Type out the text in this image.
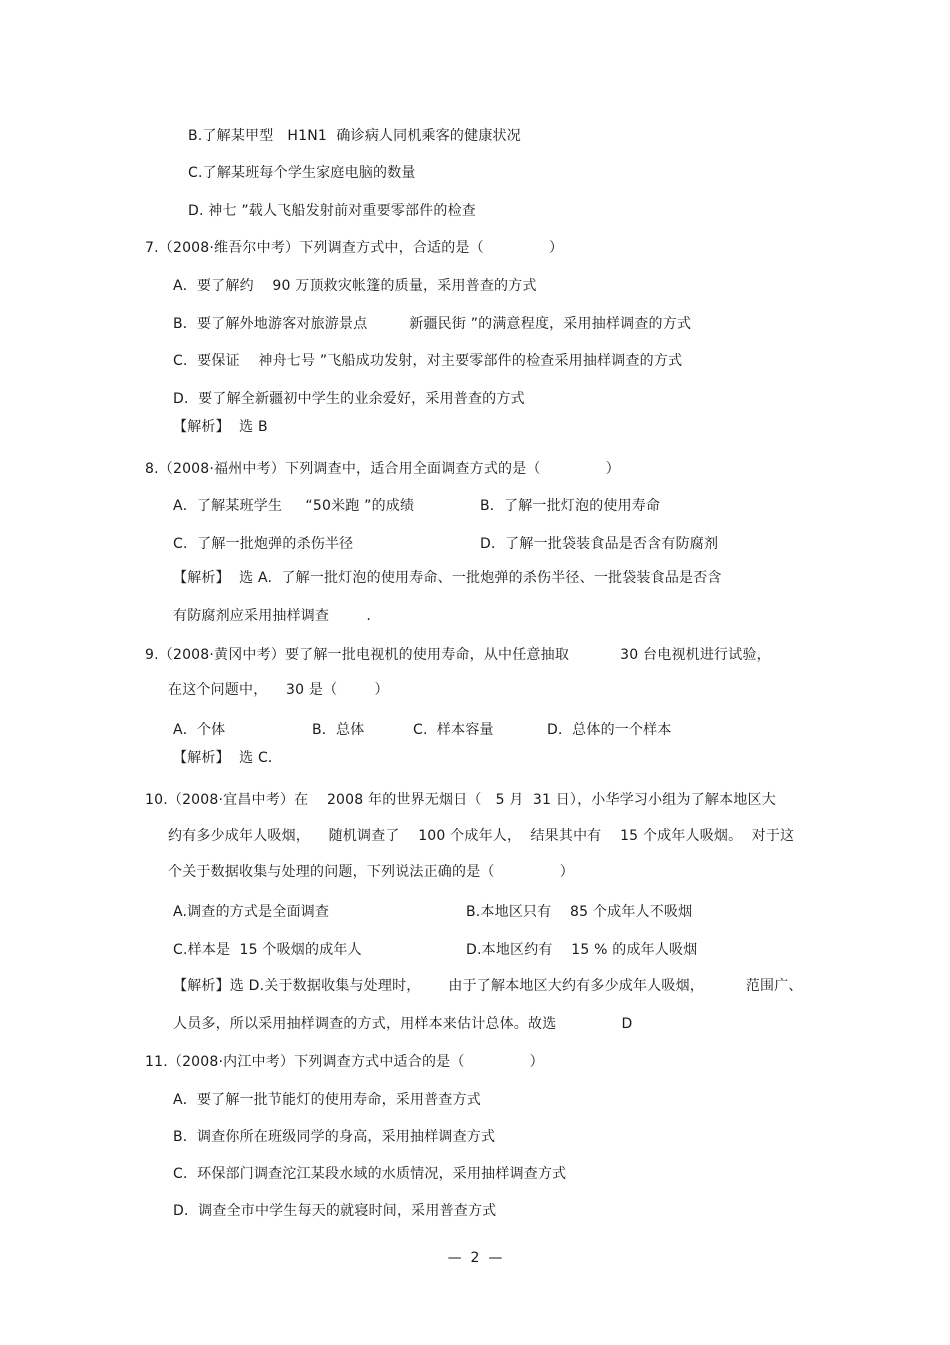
B.了解某甲型   H1N1  确诊病人同机乘客的健康状况
C.了解某班每个学生家庭电脑的数量
D. 神七 ”载人飞船发射前对重要零部件的检查
7.（2008·维吾尔中考）下列调查方式中，合适的是（              ）
A．要了解约    90 万顶救灾帐篷的质量，采用普查的方式
B．要了解外地游客对旅游景点         新疆民街 ”的满意程度，采用抽样调查的方式
C．要保证    神舟七号 ”飞船成功发射，对主要零部件的检查采用抽样调查的方式
D．要了解全新疆初中学生的业余爱好，采用普查的方式
【解析】  选 B
8.（2008·福州中考）下列调查中，适合用全面调查方式的是（              ）
A．了解某班学生     “50米跑 ”的成绩	B．了解一批灯泡的使用寿命
C．了解一批炮弹的杀伤半径	D．了解一批袋装食品是否含有防腐剂
【解析】  选 A.  了解一批灯泡的使用寿命、一批炮弹的杀伤半径、一批袋装食品是否含
有防腐剂应采用抽样调查        .
9.（2008·黄冈中考）要了解一批电视机的使用寿命，从中任意抽取           30 台电视机进行试验，
在这个问题中，    30 是（        ）
A．个体	B．总体	C.  样本容量	D．总体的一个样本
【解析】  选 C．
10.（2008·宜昌中考）在    2008 年的世界无烟日（   5 月  31 日），小华学习小组为了解本地区大
约有多少成年人吸烟，    随机调查了    100 个成年人，  结果其中有    15 个成年人吸烟。  对于这
个关于数据收集与处理的问题，下列说法正确的是（              ）
A.调查的方式是全面调查	B.本地区只有    85 个成年人不吸烟
C.样本是  15 个吸烟的成年人	D.本地区约有    15 % 的成年人吸烟
【解析】选 D.关于数据收集与处理时，      由于了解本地区大约有多少成年人吸烟，         范围广、
人员多，所以采用抽样调查的方式，用样本来估计总体。故选              D
11.（2008·内江中考）下列调查方式中适合的是（              ）
A．要了解一批节能灯的使用寿命，采用普查方式
B．调查你所在班级同学的身高，采用抽样调查方式
C．环保部门调查沱江某段水域的水质情况，采用抽样调查方式
D．调查全市中学生每天的就寝时间，采用普查方式
—  2  —
